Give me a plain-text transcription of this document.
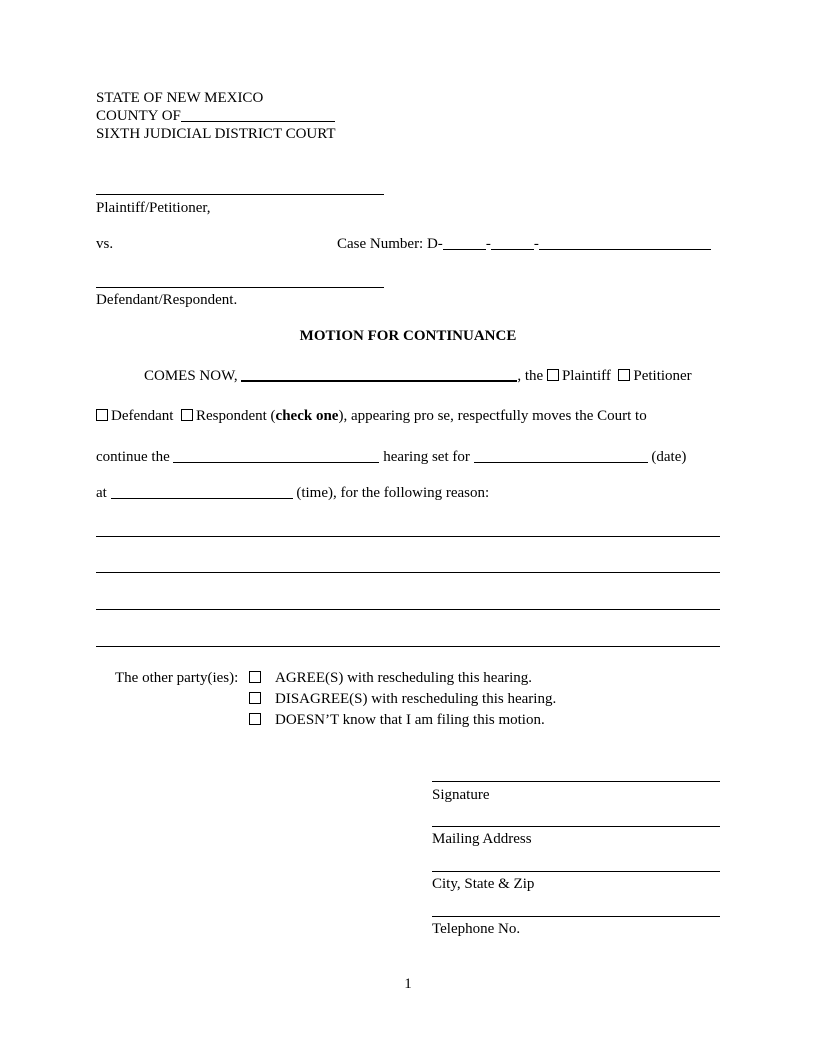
STATE OF NEW MEXICO
COUNTY OF
SIXTH JUDICIAL DISTRICT COURT
Plaintiff/Petitioner,
vs.	Case Number: D-	-	-
Defendant/Respondent.
MOTION FOR CONTINUANCE
COMES NOW,	, the Plaintiff Petitioner
Defendant Respondent (check one), appearing pro se, respectfully moves the Court to
continue the	hearing set for	(date)
at	(time), for the following reason:
The other party(ies):	AGREE(S) with rescheduling this hearing.
DISAGREE(S) with rescheduling this hearing.
DOESN’T know that I am filing this motion.
Signature
Mailing Address
City, State & Zip
Telephone No.
1
